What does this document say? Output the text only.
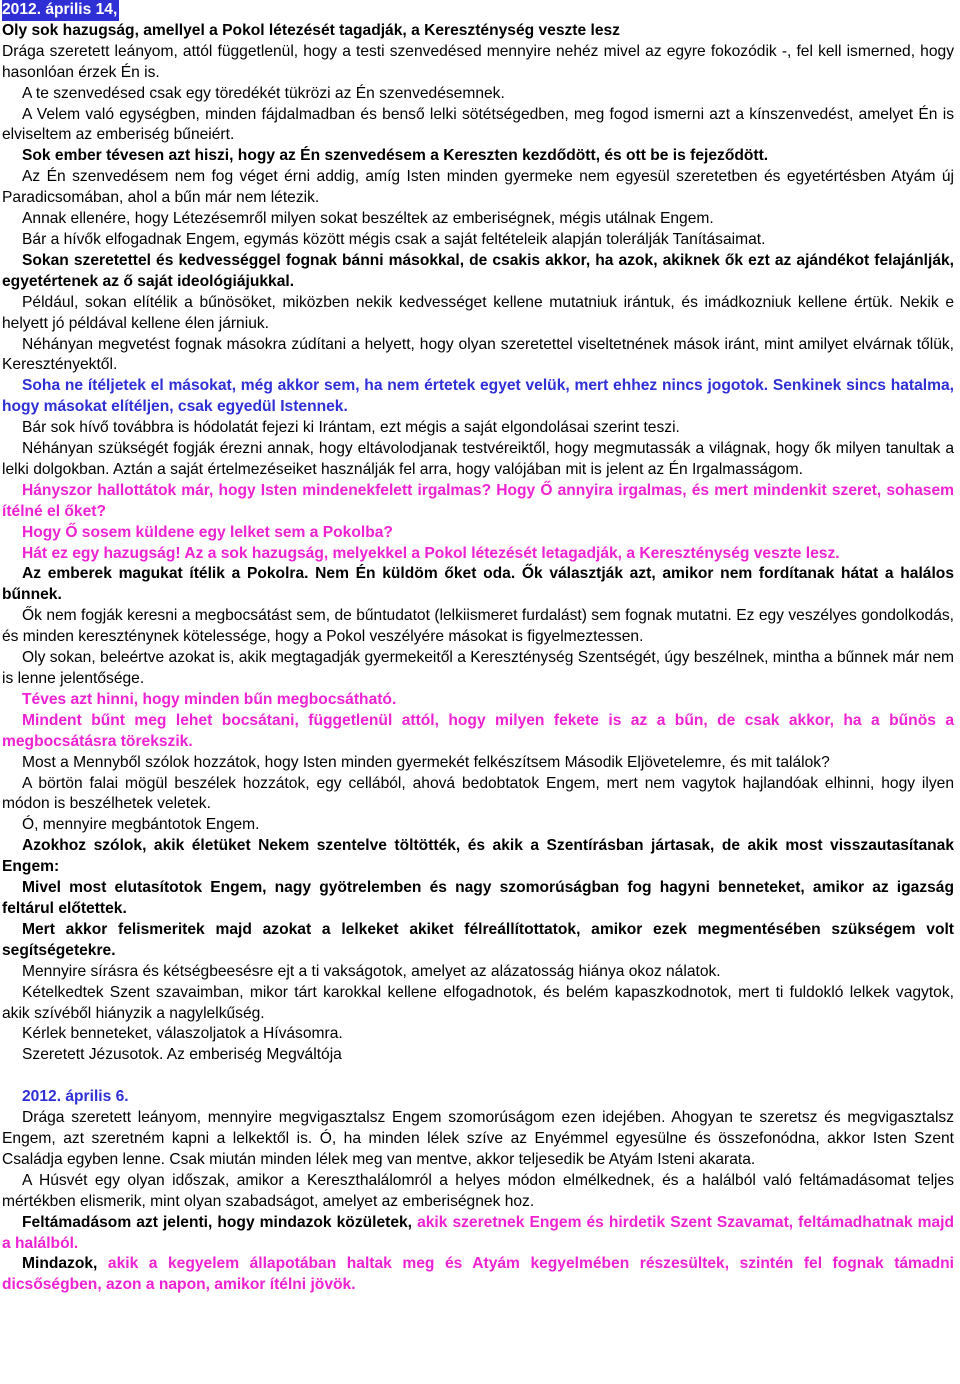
2012. április 14,

Oly sok hazugság, amellyel a Pokol létezését tagadják, a Kereszténység veszte lesz

Drága szeretett leányom, attól függetlenül, hogy a testi szenvedésed mennyire nehéz mivel az egyre fokozódik -, fel kell ismerned, hogy hasonlóan érzek Én is.

A te szenvedésed csak egy töredékét tükrözi az Én szenvedésemnek.

A Velem való egységben, minden fájdalmadban és benső lelki sötétségedben, meg fogod ismerni azt a kínszenvedést, amelyet Én is elviseltem az emberiség bűneiért.

Sok ember tévesen azt hiszi, hogy az Én szenvedésem a Kereszten kezdődött, és ott be is fejeződött.

Az Én szenvedésem nem fog véget érni addig, amíg Isten minden gyermeke nem egyesül szeretetben és egyetértésben Atyám új Paradicsomában, ahol a bűn már nem létezik.

Annak ellenére, hogy Létezésemről milyen sokat beszéltek az emberiségnek, mégis utálnak Engem.

Bár a hívők elfogadnak Engem, egymás között mégis csak a saját feltételeik alapján tolerálják Tanításaimat.

Sokan szeretettel és kedvességgel fognak bánni másokkal, de csakis akkor, ha azok, akiknek ők ezt az ajándékot felajánlják, egyetértenek az ő saját ideológiájukkal.

Például, sokan elítélik a bűnösöket, miközben nekik kedvességet kellene mutatniuk irántuk, és imádkozniuk kellene értük. Nekik e helyett jó példával kellene élen járniuk.

Néhányan megvetést fognak másokra zúdítani a helyett, hogy olyan szeretettel viseltetnének mások iránt, mint amilyet elvárnak tőlük, Keresztényektől.

Soha ne ítéljetek el másokat, még akkor sem, ha nem értetek egyet velük, mert ehhez nincs jogotok. Senkinek sincs hatalma, hogy másokat elítéljen, csak egyedül Istennek.

Bár sok hívő továbbra is hódolatát fejezi ki Irántam, ezt mégis a saját elgondolásai szerint teszi.

Néhányan szükségét fogják érezni annak, hogy eltávolodjanak testvéreiktől, hogy megmutassák a világnak, hogy ők milyen tanultak a lelki dolgokban. Aztán a saját értelmezéseiket használják fel arra, hogy valójában mit is jelent az Én Irgalmasságom.

Hányszor hallottátok már, hogy Isten mindenekfelett irgalmas? Hogy Ő annyira irgalmas, és mert mindenkit szeret, sohasem ítélné el őket?

Hogy Ő sosem küldene egy lelket sem a Pokolba?

Hát ez egy hazugság! Az a sok hazugság, melyekkel a Pokol létezését letagadják, a Kereszténység veszte lesz.

Az emberek magukat ítélik a Pokolra. Nem Én küldöm őket oda. Ők választják azt, amikor nem fordítanak hátat a halálos bűnnek.

Ők nem fogják keresni a megbocsátást sem, de bűntudatot (lelkiismeret furdalást) sem fognak mutatni. Ez egy veszélyes gondolkodás, és minden kereszténynek kötelessége, hogy a Pokol veszélyére másokat is figyelmeztessen.

Oly sokan, beleértve azokat is, akik megtagadják gyermekeitől a Kereszténység Szentségét, úgy beszélnek, mintha a bűnnek már nem is lenne jelentősége.

Téves azt hinni, hogy minden bűn megbocsátható.

Mindent bűnt meg lehet bocsátani, függetlenül attól, hogy milyen fekete is az a bűn, de csak akkor, ha a bűnös a megbocsátásra törekszik.

Most a Mennyből szólok hozzátok, hogy Isten minden gyermekét felkészítsem Második Eljövetelemre, és mit találok?

A börtön falai mögül beszélek hozzátok, egy cellából, ahová bedobtatok Engem, mert nem vagytok hajlandóak elhinni, hogy ilyen módon is beszélhetek veletek.

Ó, mennyire megbántotok Engem.

Azokhoz szólok, akik életüket Nekem szentelve töltötték, és akik a Szentírásban jártasak, de akik most visszautasítanak Engem:

Mivel most elutasítotok Engem, nagy gyötrelemben és nagy szomorúságban fog hagyni benneteket, amikor az igazság feltárul előtettek.

Mert akkor felismeritek majd azokat a lelkeket akiket félreállítottatok, amikor ezek megmentésében szükségem volt segítségetekre.

Mennyire sírásra és kétségbeesésre ejt a ti vakságotok, amelyet az alázatosság hiánya okoz nálatok.

Kételkedtek Szent szavaimban, mikor tárt karokkal kellene elfogadnotok, és belém kapaszkodnotok, mert ti fuldokló lelkek vagytok, akik szívéből hiányzik a nagylelkűség.

Kérlek benneteket, válaszoljatok a Hívásomra.

Szeretett Jézusotok. Az emberiség Megváltója

2012. április 6.

Drága szeretett leányom, mennyire megvigasztalsz Engem szomorúságom ezen idejében. Ahogyan te szeretsz és megvigasztalsz Engem, azt szeretném kapni a lelkektől is. Ó, ha minden lélek szíve az Enyémmel egyesülne és összefonódna, akkor Isten Szent Családja egyben lenne. Csak miután minden lélek meg van mentve, akkor teljesedik be Atyám Isteni akarata.

A Húsvét egy olyan időszak, amikor a Kereszthalálomról a helyes módon elmélkednek, és a halálból való feltámadásomat teljes mértékben elismerik, mint olyan szabadságot, amelyet az emberiségnek hoz.

Feltámadásom azt jelenti, hogy mindazok közületek, akik szeretnek Engem és hirdetik Szent Szavamat, feltámadhatnak majd a halálból.

Mindazok, akik a kegyelem állapotában haltak meg és Atyám kegyelmében részesültek, szintén fel fognak támadni dicsőségben, azon a napon, amikor ítélni jövök.
